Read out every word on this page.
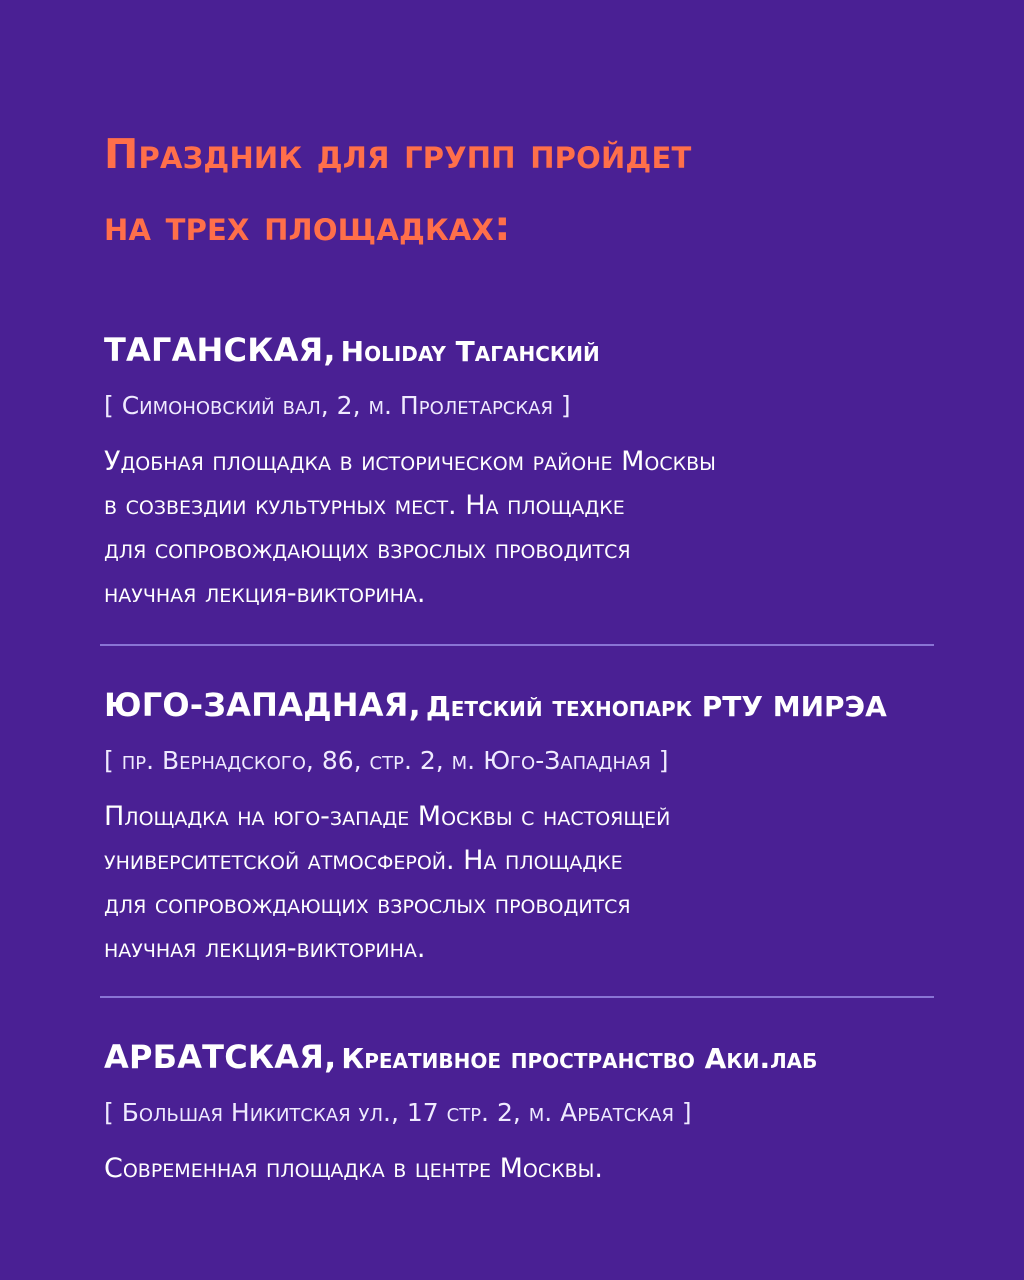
Праздник для групп пройдет
на трех площадках:
ТАГАНСКАЯ, Holiday Таганский
[ Симоновский вал, 2, м. Пролетарская ]
Удобная площадка в историческом районе Москвы
в созвездии культурных мест. На площадке
для сопровождающих взрослых проводится
научная лекция-викторина.
ЮГО-ЗАПАДНАЯ, Детский технопарк РТУ МИРЭА
[ пр. Вернадского, 86, стр. 2, м. Юго-Западная ]
Площадка на юго-западе Москвы с настоящей
университетской атмосферой. На площадке
для сопровождающих взрослых проводится
научная лекция-викторина.
АРБАТСКАЯ, Креативное пространство Аки.лаб
[ Большая Никитская ул., 17 стр. 2, м. Арбатская ]
Современная площадка в центре Москвы.
